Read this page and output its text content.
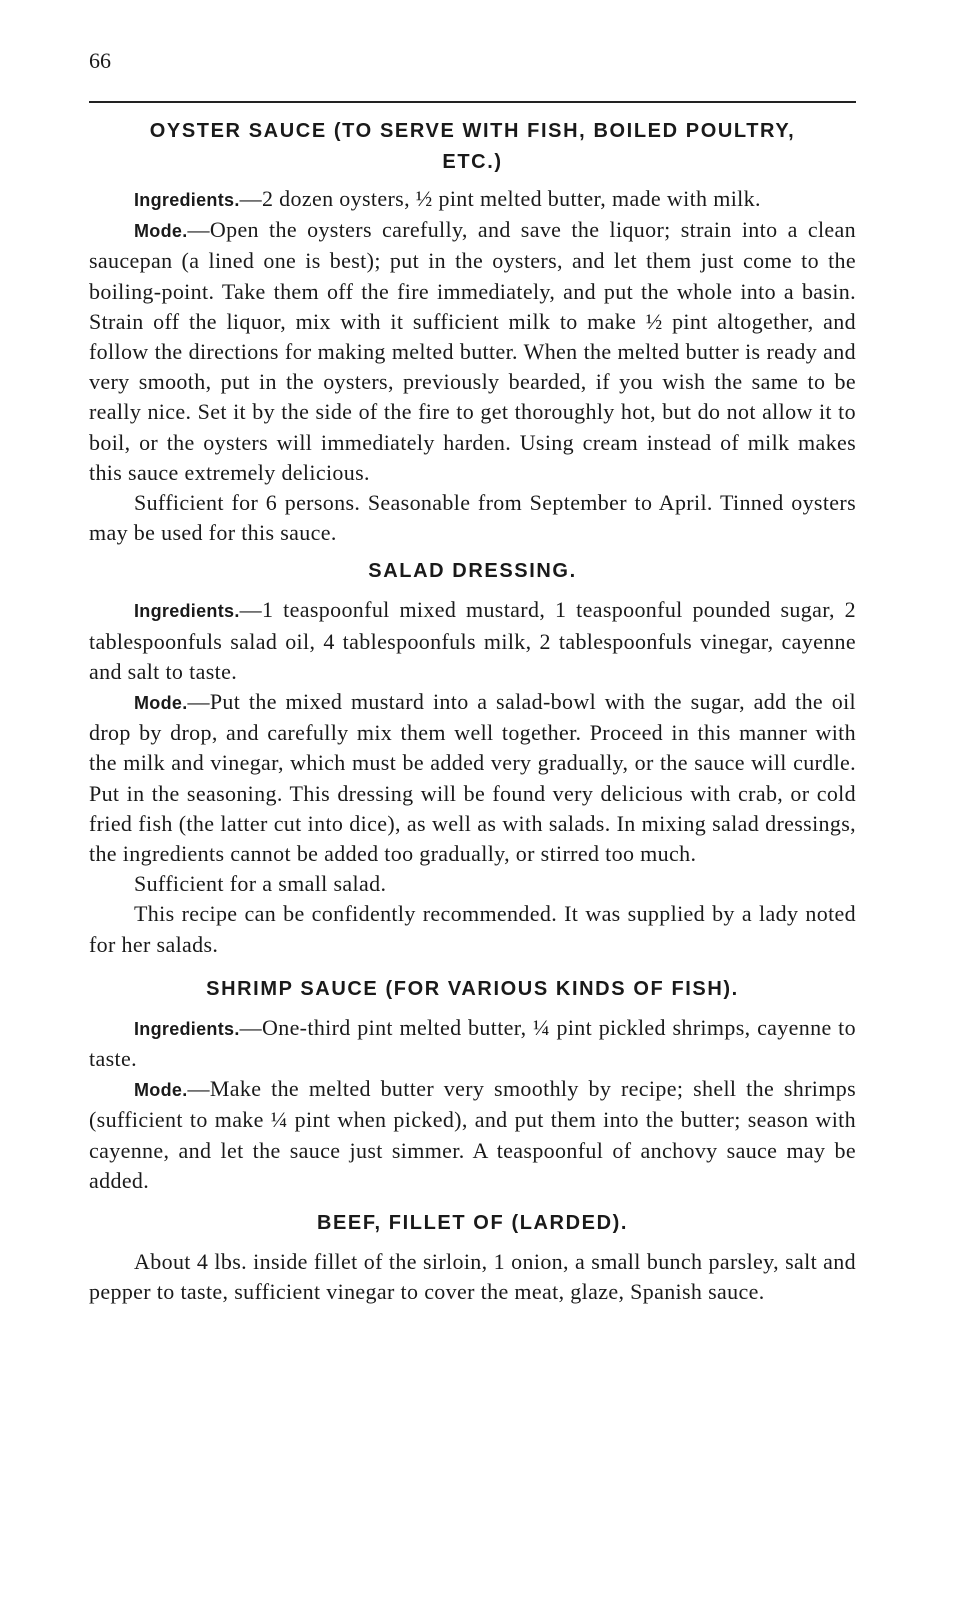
66
OYSTER SAUCE (TO SERVE WITH FISH, BOILED POULTRY, ETC.)

Ingredients.—2 dozen oysters, ½ pint melted butter, made with milk.

Mode.—Open the oysters carefully, and save the liquor; strain into a clean saucepan (a lined one is best); put in the oysters, and let them just come to the boiling-point. Take them off the fire immediately, and put the whole into a basin. Strain off the liquor, mix with it sufficient milk to make ½ pint altogether, and follow the directions for making melted butter. When the melted butter is ready and very smooth, put in the oysters, previously bearded, if you wish the same to be really nice. Set it by the side of the fire to get thoroughly hot, but do not allow it to boil, or the oysters will immediately harden. Using cream instead of milk makes this sauce extremely delicious.

Sufficient for 6 persons. Seasonable from September to April. Tinned oysters may be used for this sauce.

SALAD DRESSING.

Ingredients.—1 teaspoonful mixed mustard, 1 teaspoonful pounded sugar, 2 tablespoonfuls salad oil, 4 tablespoonfuls milk, 2 tablespoonfuls vinegar, cayenne and salt to taste.

Mode.—Put the mixed mustard into a salad-bowl with the sugar, add the oil drop by drop, and carefully mix them well together. Proceed in this manner with the milk and vinegar, which must be added very gradually, or the sauce will curdle. Put in the seasoning. This dressing will be found very delicious with crab, or cold fried fish (the latter cut into dice), as well as with salads. In mixing salad dressings, the ingredients cannot be added too gradually, or stirred too much.

Sufficient for a small salad.

This recipe can be confidently recommended. It was supplied by a lady noted for her salads.

SHRIMP SAUCE (FOR VARIOUS KINDS OF FISH).

Ingredients.—One-third pint melted butter, ¼ pint pickled shrimps, cayenne to taste.

Mode.—Make the melted butter very smoothly by recipe; shell the shrimps (sufficient to make ¼ pint when picked), and put them into the butter; season with cayenne, and let the sauce just simmer. A teaspoonful of anchovy sauce may be added.

BEEF, FILLET OF (LARDED).

About 4 lbs. inside fillet of the sirloin, 1 onion, a small bunch parsley, salt and pepper to taste, sufficient vinegar to cover the meat, glaze, Spanish sauce.
